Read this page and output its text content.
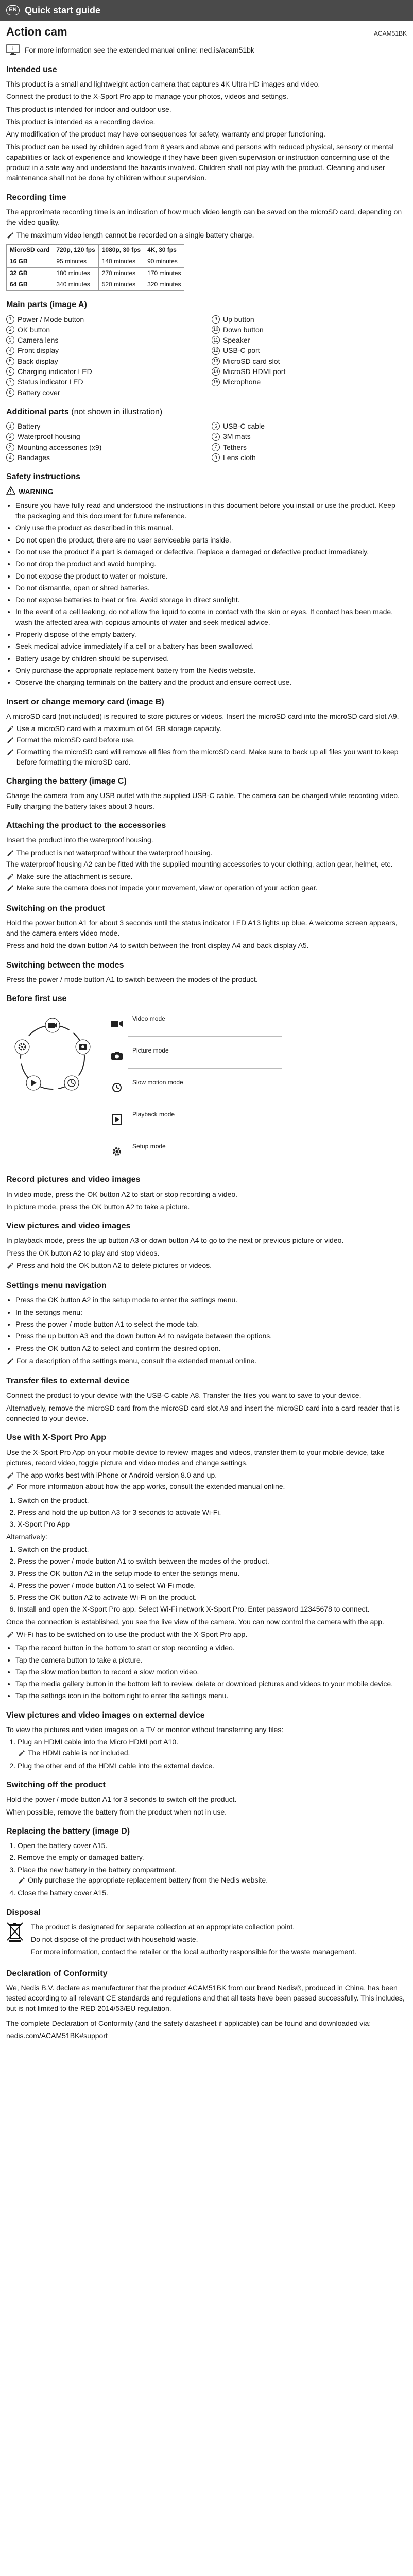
EN Quick start guide
Action cam	ACAM51BK
i For more information see the extended manual online: ned.is/acam51bk
Intended use

This product is a small and lightweight action camera that captures 4K Ultra HD images and video.

Connect the product to the X-Sport Pro app to manage your photos, videos and settings.

This product is intended for indoor and outdoor use.

This product is intended as a recording device.

Any modification of the product may have consequences for safety, warranty and proper functioning.

This product can be used by children aged from 8 years and above and persons with reduced physical, sensory or mental capabilities or lack of experience and knowledge if they have been given supervision or instruction concerning use of the product in a safe way and understand the hazards involved. Children shall not play with the product. Cleaning and user maintenance shall not be done by children without supervision.

Recording time

The approximate recording time is an indication of how much video length can be saved on the microSD card, depending on the video quality.

The maximum video length cannot be recorded on a single battery charge.
MicroSD card	720p, 120 fps	1080p, 30 fps	4K, 30 fps
16 GB	95 minutes	140 minutes	90 minutes
32 GB	180 minutes	270 minutes	170 minutes
64 GB	340 minutes	520 minutes	320 minutes
Main parts (image A)
1 Power / Mode button	9 Up button
2 OK button	10 Down button
3 Camera lens	11 Speaker
4 Front display	12 USB-C port
5 Back display	13 MicroSD card slot
6 Charging indicator LED	14 MicroSD HDMI port
7 Status indicator LED	15 Microphone
8 Battery cover
Additional parts (not shown in illustration)
1 Battery	5 USB-C cable
2 Waterproof housing	6 3M mats
3 Mounting accessories (x9)	7 Tethers
4 Bandages	8 Lens cloth
Safety instructions
WARNING
• Ensure you have fully read and understood the instructions in this document before you install or use the product. Keep the packaging and this document for future reference.
• Only use the product as described in this manual.
• Do not open the product, there are no user serviceable parts inside.
• Do not use the product if a part is damaged or defective. Replace a damaged or defective product immediately.
• Do not drop the product and avoid bumping.
• Do not expose the product to water or moisture.
• Do not dismantle, open or shred batteries.
• Do not expose batteries to heat or fire. Avoid storage in direct sunlight.
• In the event of a cell leaking, do not allow the liquid to come in contact with the skin or eyes. If contact has been made, wash the affected area with copious amounts of water and seek medical advice.
• Properly dispose of the empty battery.
• Seek medical advice immediately if a cell or a battery has been swallowed.
• Battery usage by children should be supervised.
• Only purchase the appropriate replacement battery from the Nedis website.
• Observe the charging terminals on the battery and the product and ensure correct use.
Insert or change memory card (image B)

A microSD card (not included) is required to store pictures or videos. Insert the microSD card into the microSD card slot A9.

Use a microSD card with a maximum of 64 GB storage capacity.
Format the microSD card before use.
Formatting the microSD card will remove all files from the microSD card. Make sure to back up all files you want to keep before formatting the microSD card.
Charging the battery (image C)

Charge the camera from any USB outlet with the supplied USB-C cable. The camera can be charged while recording video. Fully charging the battery takes about 3 hours.

Attaching the product to the accessories

Insert the product into the waterproof housing.

The product is not waterproof without the waterproof housing.

The waterproof housing A2 can be fitted with the supplied mounting accessories to your clothing, action gear, helmet, etc.

Make sure the attachment is secure.
Make sure the camera does not impede your movement, view or operation of your action gear.
Switching on the product

Hold the power button A1 for about 3 seconds until the status indicator LED A13 lights up blue. A welcome screen appears, and the camera enters video mode.

Press and hold the down button A4 to switch between the front display A4 and back display A5.

Switching between the modes

Press the power / mode button A1 to switch between the modes of the product.

Before first use
Video mode
Picture mode
Slow motion mode
Playback mode
Setup mode
Record pictures and video images

In video mode, press the OK button A2 to start or stop recording a video.

In picture mode, press the OK button A2 to take a picture.

View pictures and video images

In playback mode, press the up button A3 or down button A4 to go to the next or previous picture or video.

Press the OK button A2 to play and stop videos.

Press and hold the OK button A2 to delete pictures or videos.
Settings menu navigation
• Press the OK button A2 in the setup mode to enter the settings menu.
• In the settings menu:
• Press the power / mode button A1 to select the mode tab.
• Press the up button A3 and the down button A4 to navigate between the options.
• Press the OK button A2 to select and confirm the desired option.
For a description of the settings menu, consult the extended manual online.
Transfer files to external device

Connect the product to your device with the USB-C cable A8. Transfer the files you want to save to your device.

Alternatively, remove the microSD card from the microSD card slot A9 and insert the microSD card into a card reader that is connected to your device.

Use with X-Sport Pro App

Use the X-Sport Pro App on your mobile device to review images and videos, transfer them to your mobile device, take pictures, record video, toggle picture and video modes and change settings.

The app works best with iPhone or Android version 8.0 and up.
For more information about how the app works, consult the extended manual online.
1. Switch on the product.
2. Press and hold the up button A3 for 3 seconds to activate Wi-Fi.
3. X-Sport Pro App

Alternatively:

1. Switch on the product.
2. Press the power / mode button A1 to switch between the modes of the product.
3. Press the OK button A2 in the setup mode to enter the settings menu.
4. Press the power / mode button A1 to select Wi-Fi mode.
5. Press the OK button A2 to activate Wi-Fi on the product.
6. Install and open the X-Sport Pro app. Select Wi-Fi network X-Sport Pro. Enter password 12345678 to connect.

Once the connection is established, you see the live view of the camera. You can now control the camera with the app.

Wi-Fi has to be switched on to use the product with the X-Sport Pro app.
• Tap the record button in the bottom to start or stop recording a video.
• Tap the camera button to take a picture.
• Tap the slow motion button to record a slow motion video.
• Tap the media gallery button in the bottom left to review, delete or download pictures and videos to your mobile device.
• Tap the settings icon in the bottom right to enter the settings menu.
View pictures and video images on external device

To view the pictures and video images on a TV or monitor without transferring any files:

1. Plug an HDMI cable into the Micro HDMI port A10.
The HDMI cable is not included.
2. Plug the other end of the HDMI cable into the external device.
Switching off the product

Hold the power / mode button A1 for 3 seconds to switch off the product.

When possible, remove the battery from the product when not in use.

Replacing the battery (image D)
1. Open the battery cover A15.
2. Remove the empty or damaged battery.
3. Place the new battery in the battery compartment.
Only purchase the appropriate replacement battery from the Nedis website.
4. Close the battery cover A15.
Disposal

The product is designated for separate collection at an appropriate collection point.

Do not dispose of the product with household waste.

For more information, contact the retailer or the local authority responsible for the waste management.

Declaration of Conformity

We, Nedis B.V. declare as manufacturer that the product ACAM51BK from our brand Nedis®, produced in China, has been tested according to all relevant CE standards and regulations and that all tests have been passed successfully. This includes, but is not limited to the RED 2014/53/EU regulation.

The complete Declaration of Conformity (and the safety datasheet if applicable) can be found and downloaded via:

nedis.com/ACAM51BK#support
